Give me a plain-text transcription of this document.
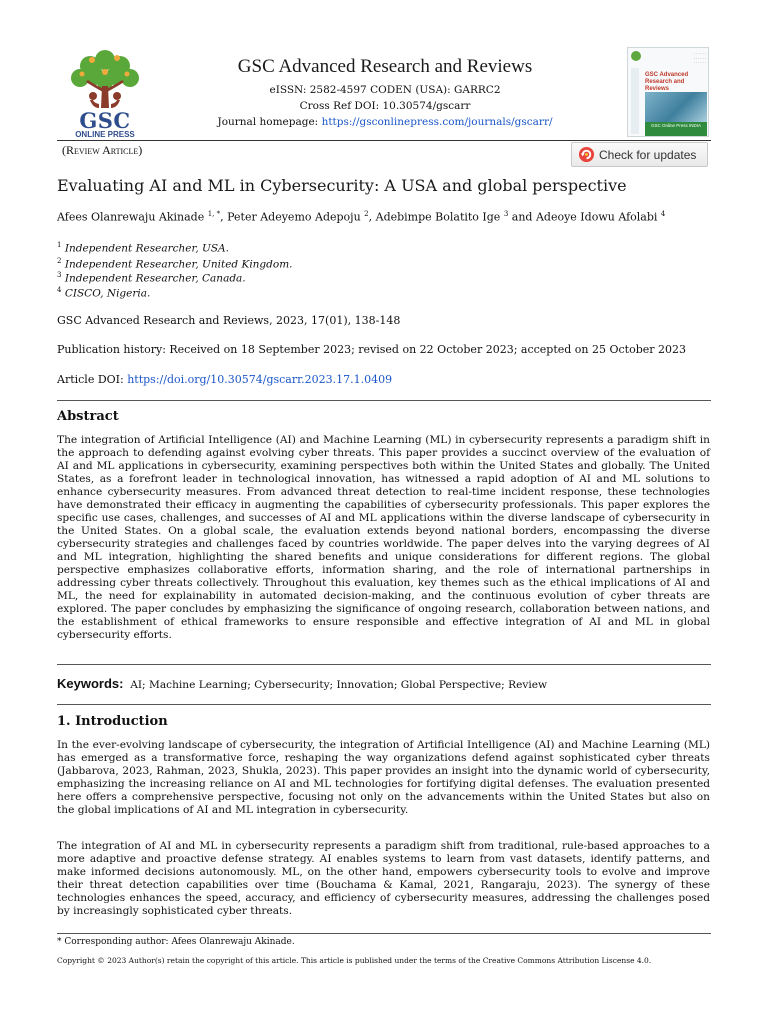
GSC
ONLINE PRESS
GSC Advanced Research and Reviews
eISSN: 2582-4597 CODEN (USA): GARRC2
Cross Ref DOI: 10.30574/gscarr
Journal homepage: https://gsconlinepress.com/journals/gscarr/
· · · · · ·
· · · · · ·
· · · · · ·
GSC Advanced Research and Reviews
GSC Online Press INDIA
(Review Article)	Check for updates
Evaluating AI and ML in Cybersecurity: A USA and global perspective
Afees Olanrewaju Akinade $^{1, *}$, Peter Adeyemo Adepoju $^2$, Adebimpe Bolatito Ige $^3$ and Adeoye Idowu Afolabi $^4$
$^1$ Independent Researcher, USA.
$^2$ Independent Researcher, United Kingdom.
$^3$ Independent Researcher, Canada.
$^4$ CISCO, Nigeria.
GSC Advanced Research and Reviews, 2023, 17(01), 138-148
Publication history: Received on 18 September 2023; revised on 22 October 2023; accepted on 25 October 2023
Article DOI: https://doi.org/10.30574/gscarr.2023.17.1.0409
Abstract
The integration of Artificial Intelligence (AI) and Machine Learning (ML) in cybersecurity represents a paradigm shift in the approach to defending against evolving cyber threats. This paper provides a succinct overview of the evaluation of AI and ML applications in cybersecurity, examining perspectives both within the United States and globally. The United States, as a forefront leader in technological innovation, has witnessed a rapid adoption of AI and ML solutions to enhance cybersecurity measures. From advanced threat detection to real-time incident response, these technologies have demonstrated their efficacy in augmenting the capabilities of cybersecurity professionals. This paper explores the specific use cases, challenges, and successes of AI and ML applications within the diverse landscape of cybersecurity in the United States. On a global scale, the evaluation extends beyond national borders, encompassing the diverse cybersecurity strategies and challenges faced by countries worldwide. The paper delves into the varying degrees of AI and ML integration, highlighting the shared benefits and unique considerations for different regions. The global perspective emphasizes collaborative efforts, information sharing, and the role of international partnerships in addressing cyber threats collectively. Throughout this evaluation, key themes such as the ethical implications of AI and ML, the need for explainability in automated decision-making, and the continuous evolution of cyber threats are explored. The paper concludes by emphasizing the significance of ongoing research, collaboration between nations, and the establishment of ethical frameworks to ensure responsible and effective integration of AI and ML in global cybersecurity efforts.
Keywords: AI; Machine Learning; Cybersecurity; Innovation; Global Perspective; Review
1. Introduction
In the ever-evolving landscape of cybersecurity, the integration of Artificial Intelligence (AI) and Machine Learning (ML) has emerged as a transformative force, reshaping the way organizations defend against sophisticated cyber threats (Jabbarova, 2023, Rahman, 2023, Shukla, 2023). This paper provides an insight into the dynamic world of cybersecurity, emphasizing the increasing reliance on AI and ML technologies for fortifying digital defenses. The evaluation presented here offers a comprehensive perspective, focusing not only on the advancements within the United States but also on the global implications of AI and ML integration in cybersecurity.
The integration of AI and ML in cybersecurity represents a paradigm shift from traditional, rule-based approaches to a more adaptive and proactive defense strategy. AI enables systems to learn from vast datasets, identify patterns, and make informed decisions autonomously. ML, on the other hand, empowers cybersecurity tools to evolve and improve their threat detection capabilities over time (Bouchama & Kamal, 2021, Rangaraju, 2023). The synergy of these technologies enhances the speed, accuracy, and efficiency of cybersecurity measures, addressing the challenges posed by increasingly sophisticated cyber threats.
* Corresponding author: Afees Olanrewaju Akinade.
Copyright © 2023 Author(s) retain the copyright of this article. This article is published under the terms of the Creative Commons Attribution Liscense 4.0.
